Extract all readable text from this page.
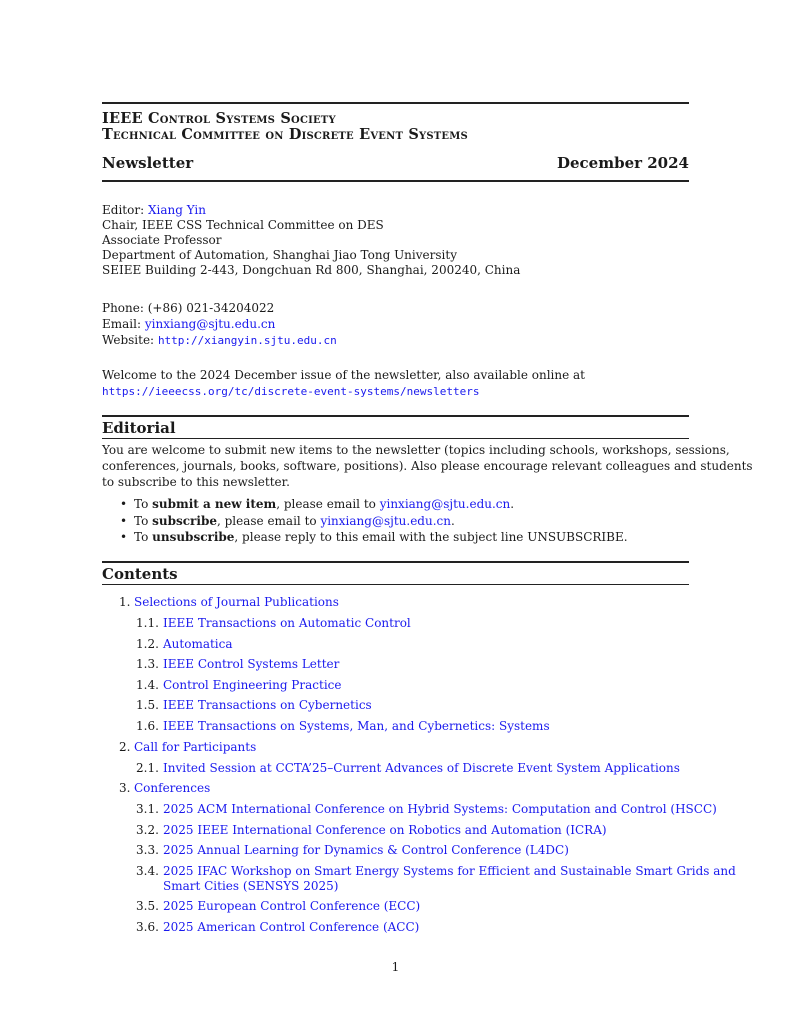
IEEE Control Systems Society
Technical Committee on Discrete Event Systems
Newsletter	December 2024
Editor: Xiang Yin
Chair, IEEE CSS Technical Committee on DES
Associate Professor
Department of Automation, Shanghai Jiao Tong University
SEIEE Building 2-443, Dongchuan Rd 800, Shanghai, 200240, China
Phone: (+86) 021-34204022
Email: yinxiang@sjtu.edu.cn
Website: http://xiangyin.sjtu.edu.cn
Welcome to the 2024 December issue of the newsletter, also available online at
https://ieeecss.org/tc/discrete-event-systems/newsletters
Editorial
You are welcome to submit new items to the newsletter (topics including schools, workshops, sessions,
conferences, journals, books, software, positions). Also please encourage relevant colleagues and students
to subscribe to this newsletter.
• To submit a new item, please email to yinxiang@sjtu.edu.cn.
• To subscribe, please email to yinxiang@sjtu.edu.cn.
• To unsubscribe, please reply to this email with the subject line UNSUBSCRIBE.
Contents
1. Selections of Journal Publications
1.1. IEEE Transactions on Automatic Control
1.2. Automatica
1.3. IEEE Control Systems Letter
1.4. Control Engineering Practice
1.5. IEEE Transactions on Cybernetics
1.6. IEEE Transactions on Systems, Man, and Cybernetics: Systems
2. Call for Participants
2.1. Invited Session at CCTA’25–Current Advances of Discrete Event System Applications
3. Conferences
3.1. 2025 ACM International Conference on Hybrid Systems: Computation and Control (HSCC)
3.2. 2025 IEEE International Conference on Robotics and Automation (ICRA)
3.3. 2025 Annual Learning for Dynamics & Control Conference (L4DC)
3.4. 2025 IFAC Workshop on Smart Energy Systems for Efficient and Sustainable Smart Grids and
Smart Cities (SENSYS 2025)
3.5. 2025 European Control Conference (ECC)
3.6. 2025 American Control Conference (ACC)
1
